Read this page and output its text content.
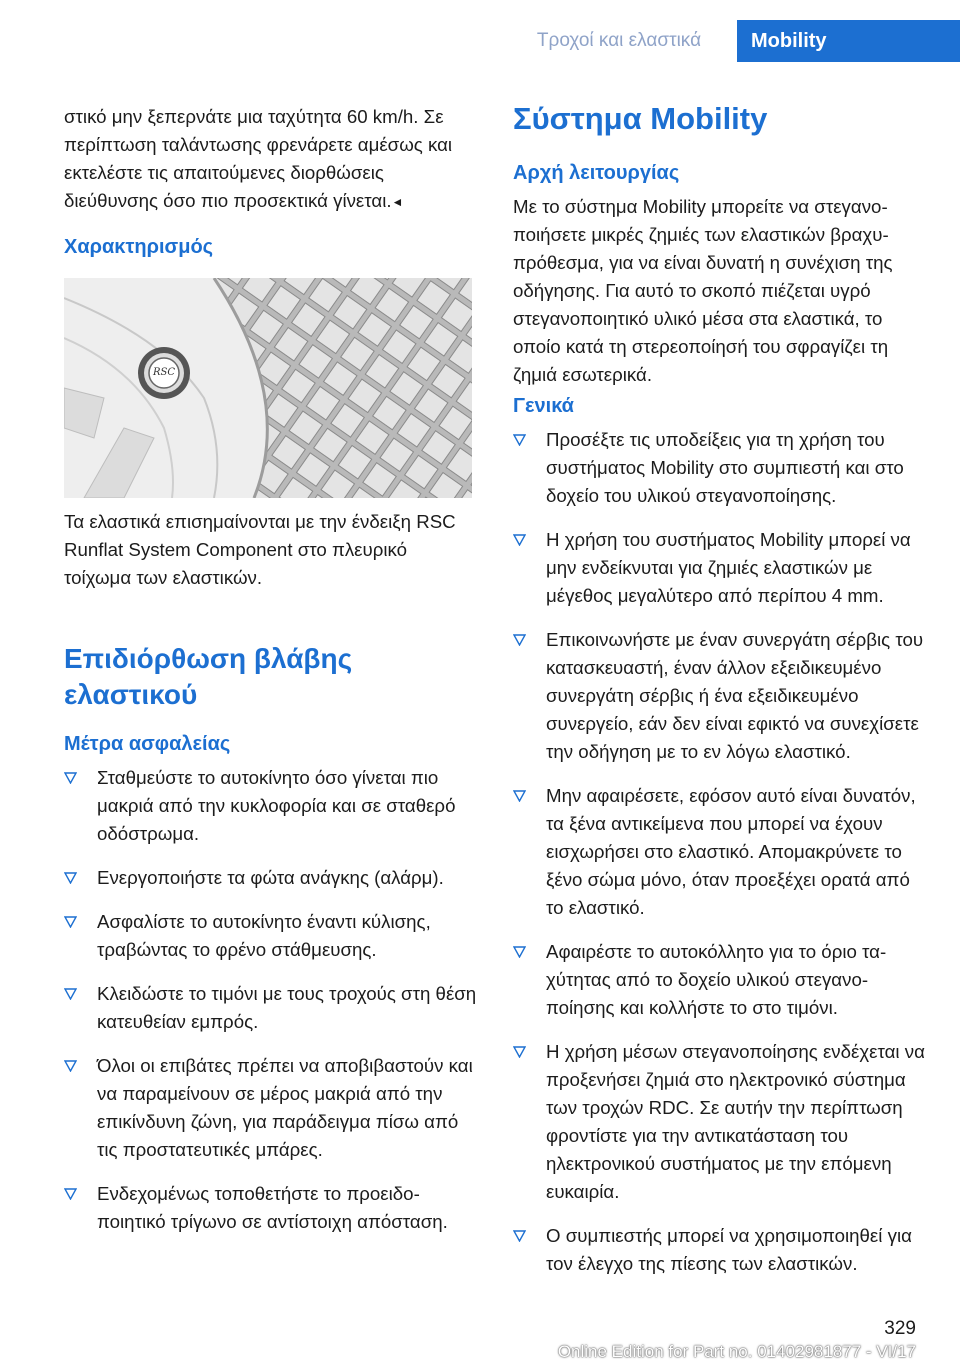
Τροχοί και ελαστικά	Mobility

στικό μην ξεπερνάτε μια ταχύτητα 60 km/h. Σε περίπτωση ταλάντωσης φρενάρετε αμέσως και εκτελέστε τις απαιτούμενες διορθώσεις διεύθυνσης όσο πιο προσεκτικά γίνεται.◄

Χαρακτηρισμός
RSC

Τα ελαστικά επισημαίνονται με την ένδειξη RSC Runflat System Component στο πλευρικό τοίχωμα των ελαστικών.

Επιδιόρθωση βλάβης
ελαστικού
Μέτρα ασφαλείας
Σταθμεύστε το αυτοκίνητο όσο γίνεται πιο μακριά από την κυκλοφορία και σε σταθερό οδόστρωμα.
Ενεργοποιήστε τα φώτα ανάγκης (αλάρμ).
Ασφαλίστε το αυτοκίνητο έναντι κύλισης, τραβώντας το φρένο στάθμευσης.
Κλειδώστε το τιμόνι με τους τροχούς στη θέση κατευθείαν εμπρός.
Όλοι οι επιβάτες πρέπει να αποβιβαστούν και να παραμείνουν σε μέρος μακριά από την επικίνδυνη ζώνη, για παράδειγμα πίσω από τις προστατευτικές μπάρες.
Ενδεχομένως τοποθετήστε το προειδοποιητικό τρίγωνο σε αντίστοιχη απόσταση.
Σύστημα Mobility
Αρχή λειτουργίας

Με το σύστημα Mobility μπορείτε να στεγανοποιήσετε μικρές ζημιές των ελαστικών βραχυπρόθεσμα, για να είναι δυνατή η συνέχιση της οδήγησης. Για αυτό το σκοπό πιέζεται υγρό στεγανοποιητικό υλικό μέσα στα ελαστικά, το οποίο κατά τη στερεοποίησή του σφραγίζει τη ζημιά εσωτερικά.

Γενικά
Προσέξτε τις υποδείξεις για τη χρήση του συστήματος Mobility στο συμπιεστή και στο δοχείο του υλικού στεγανοποίησης.
Η χρήση του συστήματος Mobility μπορεί να μην ενδείκνυται για ζημιές ελαστικών με μέγεθος μεγαλύτερο από περίπου 4 mm.
Επικοινωνήστε με έναν συνεργάτη σέρβις του κατασκευαστή, έναν άλλον εξειδικευμένο συνεργάτη σέρβις ή ένα εξειδικευμένο συνεργείο, εάν δεν είναι εφικτό να συνεχίσετε την οδήγηση με το εν λόγω ελαστικό.
Μην αφαιρέσετε, εφόσον αυτό είναι δυνατόν, τα ξένα αντικείμενα που μπορεί να έχουν εισχωρήσει στο ελαστικό. Απομακρύνετε το ξένο σώμα μόνο, όταν προεξέχει ορατά από το ελαστικό.
Αφαιρέστε το αυτοκόλλητο για το όριο ταχύτητας από το δοχείο υλικού στεγανοποίησης και κολλήστε το στο τιμόνι.
Η χρήση μέσων στεγανοποίησης ενδέχεται να προξενήσει ζημιά στο ηλεκτρονικό σύστημα των τροχών RDC. Σε αυτήν την περίπτωση φροντίστε για την αντικατάσταση του ηλεκτρονικού συστήματος με την επόμενη ευκαιρία.
Ο συμπιεστής μπορεί να χρησιμοποιηθεί για τον έλεγχο της πίεσης των ελαστικών.
329
Online Edition for Part no. 01402981877 - VI/17
